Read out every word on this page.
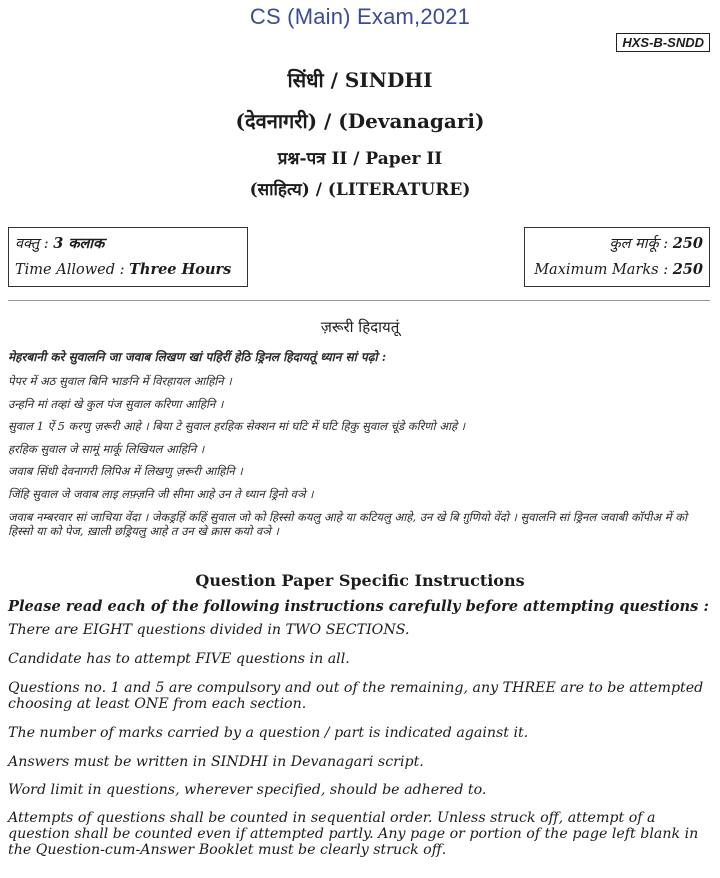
CS (Main) Exam,2021
HXS-B-SNDD
सिंधी / SINDHI
(देवनागरी) / (Devanagari)
प्रश्न-पत्र II / Paper II
(साहित्य) / (LITERATURE)
वक्तु : 3 कलाक
Time Allowed : Three Hours
कुल मार्कू : 250
Maximum Marks : 250
ज़रूरी हिदायतूं
मेहरबानी करे सुवालनि जा जवाब लिखण खां पहिरीं हेठि ड्रिनल हिदायतूं ध्यान सां पढ़ो :
पेपर में अठ सुवाल बिनि भाङनि में विरहायल आहिनि ।
उन्हनि मां तव्हां खे कुल पंज सुवाल करिणा आहिनि ।
सुवाल 1 ऐं 5 करणु ज़रूरी आहे । बिया टे सुवाल हरहिक सेक्शन मां घटि में घटि हिकु सुवाल चूंडे करिणो आहे ।
हरहिक सुवाल जे सामूं मार्कू लिखियल आहिनि ।
जवाब सिंधी देवनागरी लिपिअ में लिखणु ज़रूरी आहिनि ।
जिंहि सुवाल जे जवाब लाइ लफ़्ज़नि जी सीमा आहे उन ते ध्यान ड्रिनो वञे ।
जवाब नम्बरवार सां जाचिया वेंदा । जेकड्रहिं कहिं सुवाल जो को हिस्सो कयलु आहे या कटियलु आहे, उन खे बि ग़ुणियो वेंदो । सुवालनि सां ड्रिनल जवाबी कॉपीअ में को हिस्सो या को पेज, ख़ाली छड्रियलु आहे त उन खे क्रास कयो वञे ।
Question Paper Specific Instructions
Please read each of the following instructions carefully before attempting questions :
There are EIGHT questions divided in TWO SECTIONS.
Candidate has to attempt FIVE questions in all.
Questions no. 1 and 5 are compulsory and out of the remaining, any THREE are to be attempted choosing at least ONE from each section.
The number of marks carried by a question / part is indicated against it.
Answers must be written in SINDHI in Devanagari script.
Word limit in questions, wherever specified, should be adhered to.
Attempts of questions shall be counted in sequential order. Unless struck off, attempt of a question shall be counted even if attempted partly. Any page or portion of the page left blank in the Question-cum-Answer Booklet must be clearly struck off.
